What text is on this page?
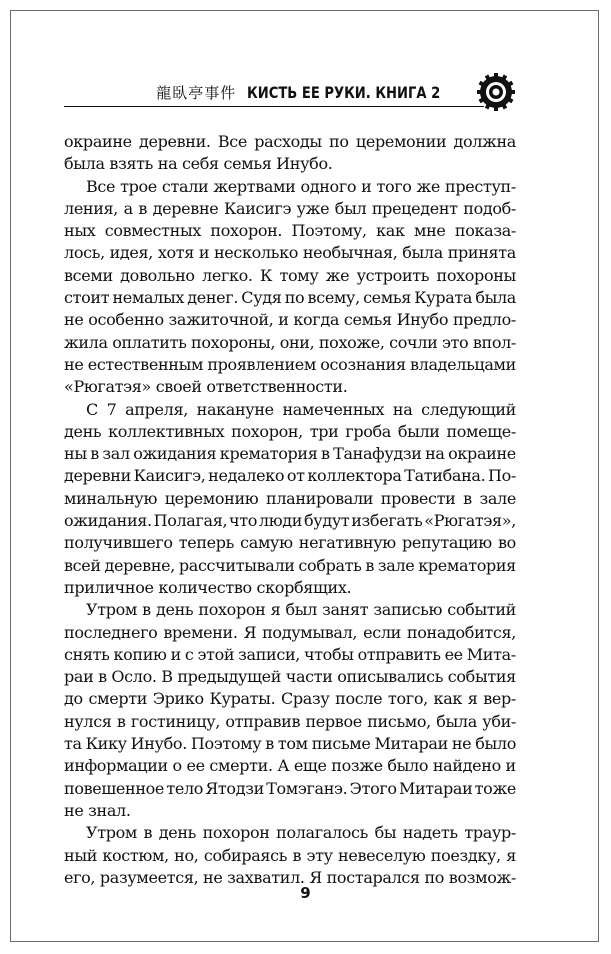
龍臥亭事件 КИСТЬ ЕЕ РУКИ. КНИГА 2
окраине деревни. Все расходы по церемонии должна
была взять на себя семья Инубо.
Все трое стали жертвами одного и того же преступ-
ления, а в деревне Каисигэ уже был прецедент подоб-
ных совместных похорон. Поэтому, как мне показа-
лось, идея, хотя и несколько необычная, была принята
всеми довольно легко. К тому же устроить похороны
стоит немалых денег. Судя по всему, семья Курата была
не особенно зажиточной, и когда семья Инубо предло-
жила оплатить похороны, они, похоже, сочли это впол-
не естественным проявлением осознания владельцами
«Рюгатэя» своей ответственности.
С 7 апреля, накануне намеченных на следующий
день коллективных похорон, три гроба были помеще-
ны в зал ожидания крематория в Танафудзи на окраине
деревни Каисигэ, недалеко от коллектора Татибана. По-
минальную церемонию планировали провести в зале
ожидания. Полагая, что люди будут избегать «Рюгатэя»,
получившего теперь самую негативную репутацию во
всей деревне, рассчитывали собрать в зале крематория
приличное количество скорбящих.
Утром в день похорон я был занят записью событий
последнего времени. Я подумывал, если понадобится,
снять копию и с этой записи, чтобы отправить ее Мита-
раи в Осло. В предыдущей части описывались события
до смерти Эрико Кураты. Сразу после того, как я вер-
нулся в гостиницу, отправив первое письмо, была уби-
та Кику Инубо. Поэтому в том письме Митараи не было
информации о ее смерти. А еще позже было найдено и
повешенное тело Ятодзи Томэганэ. Этого Митараи тоже
не знал.
Утром в день похорон полагалось бы надеть траур-
ный костюм, но, собираясь в эту невеселую поездку, я
его, разумеется, не захватил. Я постарался по возмож-
9
